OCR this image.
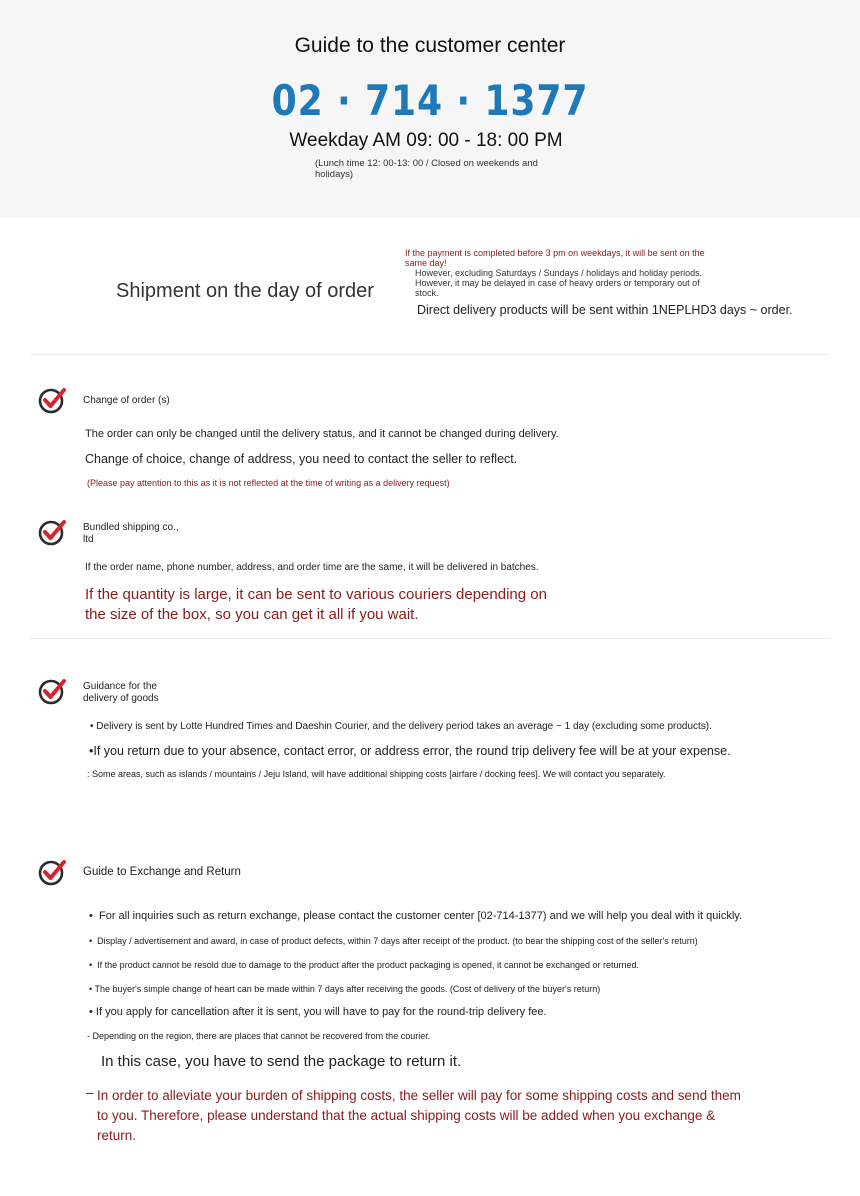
Guide to the customer center
02 · 714 · 1377
Weekday AM 09: 00 - 18: 00 PM
(Lunch time 12: 00-13: 00 / Closed on weekends and holidays)
Shipment on the day of order
If the payment is completed before 3 pm on weekdays, it will be sent on the same day!
However, excluding Saturdays / Sundays / holidays and holiday periods.
However, it may be delayed in case of heavy orders or temporary out of stock.
Direct delivery products will be sent within 1NEPLHD3 days ~ order.
Change of order (s)
The order can only be changed until the delivery status, and it cannot be changed during delivery.
Change of choice, change of address, you need to contact the seller to reflect.
(Please pay attention to this as it is not reflected at the time of writing as a delivery request)
Bundled shipping co., ltd
If the order name, phone number, address, and order time are the same, it will be delivered in batches.
If the quantity is large, it can be sent to various couriers depending on the size of the box, so you can get it all if you wait.
Guidance for the delivery of goods
• Delivery is sent by Lotte Hundred Times and Daeshin Courier, and the delivery period takes an average ~ 1 day (excluding some products).
•If you return due to your absence, contact error, or address error, the round trip delivery fee will be at your expense.
: Some areas, such as islands / mountains / Jeju Island, will have additional shipping costs [airfare / docking fees]. We will contact you separately.
Guide to Exchange and Return
• For all inquiries such as return exchange, please contact the customer center [02-714-1377) and we will help you deal with it quickly.
• Display / advertisement and award, in case of product defects, within 7 days after receipt of the product. (to bear the shipping cost of the seller's return)
• If the product cannot be resold due to damage to the product after the product packaging is opened, it cannot be exchanged or returned.
• The buyer's simple change of heart can be made within 7 days after receiving the goods. (Cost of delivery of the buyer's return)
• If you apply for cancellation after it is sent, you will have to pay for the round-trip delivery fee.
- Depending on the region, there are places that cannot be recovered from the courier.
In this case, you have to send the package to return it.
– In order to alleviate your burden of shipping costs, the seller will pay for some shipping costs and send them to you. Therefore, please understand that the actual shipping costs will be added when you exchange & return.
